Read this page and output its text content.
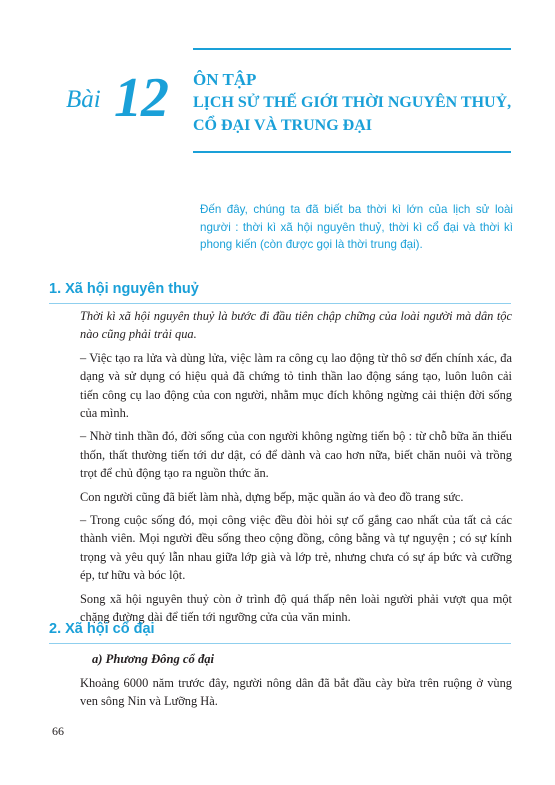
Bài 12 ÔN TẬP
LỊCH SỬ THẾ GIỚI THỜI NGUYÊN THUỶ,
CỔ ĐẠI VÀ TRUNG ĐẠI
Đến đây, chúng ta đã biết ba thời kì lớn của lịch sử loài người : thời kì xã hội nguyên thuỷ, thời kì cổ đại và thời kì phong kiến (còn được gọi là thời trung đại).
1. Xã hội nguyên thuỷ

Thời kì xã hội nguyên thuỷ là bước đi đầu tiên chập chững của loài người mà dân tộc nào cũng phải trải qua.

– Việc tạo ra lửa và dùng lửa, việc làm ra công cụ lao động từ thô sơ đến chính xác, đa dạng và sử dụng có hiệu quả đã chứng tỏ tinh thần lao động sáng tạo, luôn luôn cải tiến công cụ lao động của con người, nhằm mục đích không ngừng cải thiện đời sống của mình.

– Nhờ tinh thần đó, đời sống của con người không ngừng tiến bộ : từ chỗ bữa ăn thiếu thốn, thất thường tiến tới dư dật, có để dành và cao hơn nữa, biết chăn nuôi và trồng trọt để chủ động tạo ra nguồn thức ăn.

Con người cũng đã biết làm nhà, dựng bếp, mặc quần áo và đeo đồ trang sức.

– Trong cuộc sống đó, mọi công việc đều đòi hỏi sự cố gắng cao nhất của tất cả các thành viên. Mọi người đều sống theo cộng đồng, công bằng và tự nguyện ; có sự kính trọng và yêu quý lẫn nhau giữa lớp già và lớp trẻ, nhưng chưa có sự áp bức và cưỡng ép, tư hữu và bóc lột.

Song xã hội nguyên thuỷ còn ở trình độ quá thấp nên loài người phải vượt qua một chặng đường dài để tiến tới ngưỡng cửa của văn minh.

2. Xã hội cổ đại
a) Phương Đông cổ đại

Khoảng 6000 năm trước đây, người nông dân đã bắt đầu cày bừa trên ruộng ở vùng ven sông Nin và Lưỡng Hà.

66
